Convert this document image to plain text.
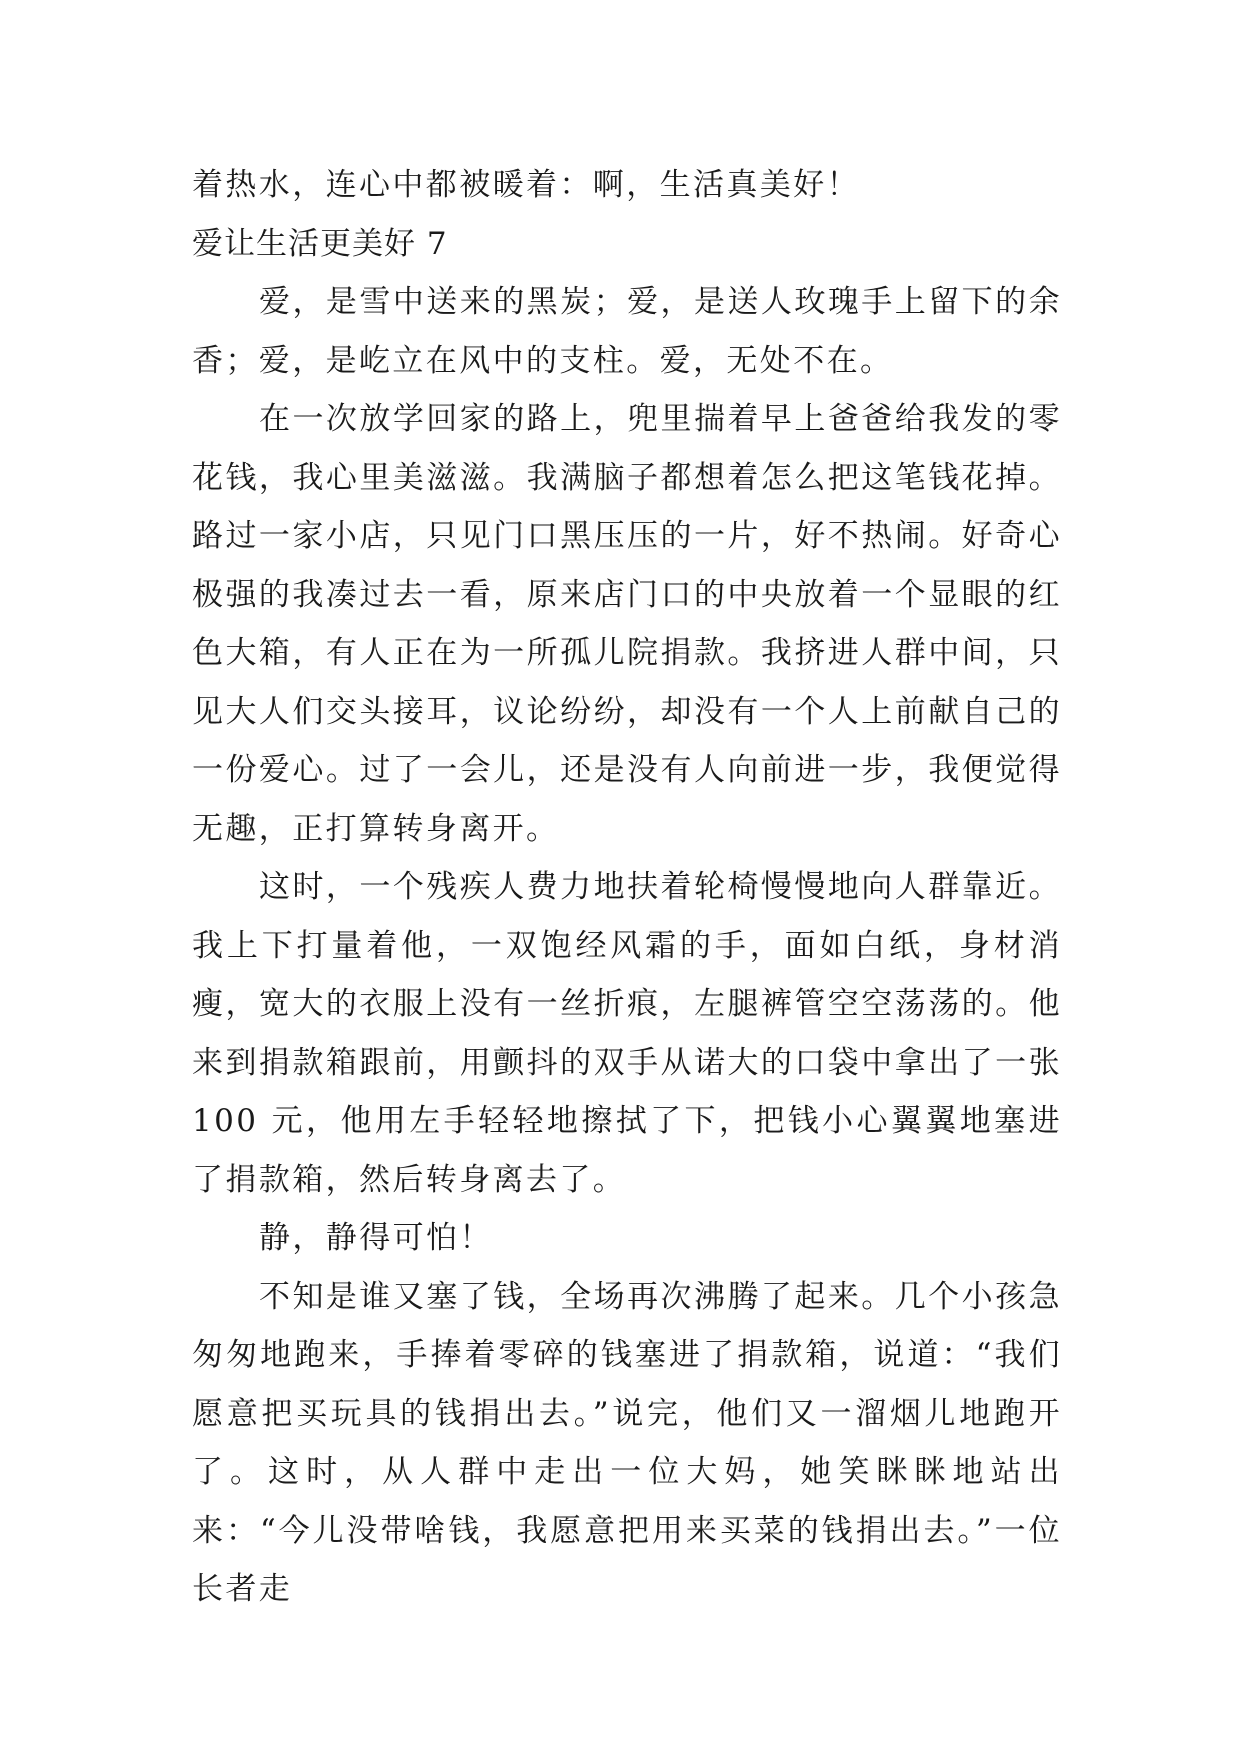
着热水，连心中都被暖着：啊，生活真美好！

爱让生活更美好 7

爱，是雪中送来的黑炭；爱，是送人玫瑰手上留下的余香；爱，是屹立在风中的支柱。爱，无处不在。

在一次放学回家的路上，兜里揣着早上爸爸给我发的零花钱，我心里美滋滋。我满脑子都想着怎么把这笔钱花掉。路过一家小店，只见门口黑压压的一片，好不热闹。好奇心极强的我凑过去一看，原来店门口的中央放着一个显眼的红色大箱，有人正在为一所孤儿院捐款。我挤进人群中间，只见大人们交头接耳，议论纷纷，却没有一个人上前献自己的一份爱心。过了一会儿，还是没有人向前进一步，我便觉得无趣，正打算转身离开。

这时，一个残疾人费力地扶着轮椅慢慢地向人群靠近。我上下打量着他，一双饱经风霜的手，面如白纸，身材消瘦，宽大的衣服上没有一丝折痕，左腿裤管空空荡荡的。他来到捐款箱跟前，用颤抖的双手从诺大的口袋中拿出了一张 100 元，他用左手轻轻地擦拭了下，把钱小心翼翼地塞进了捐款箱，然后转身离去了。

静，静得可怕！

不知是谁又塞了钱，全场再次沸腾了起来。几个小孩急匆匆地跑来，手捧着零碎的钱塞进了捐款箱，说道：“我们愿意把买玩具的钱捐出去。”说完，他们又一溜烟儿地跑开了。这时，从人群中走出一位大妈，她笑眯眯地站出来：“今儿没带啥钱，我愿意把用来买菜的钱捐出去。”一位长者走
